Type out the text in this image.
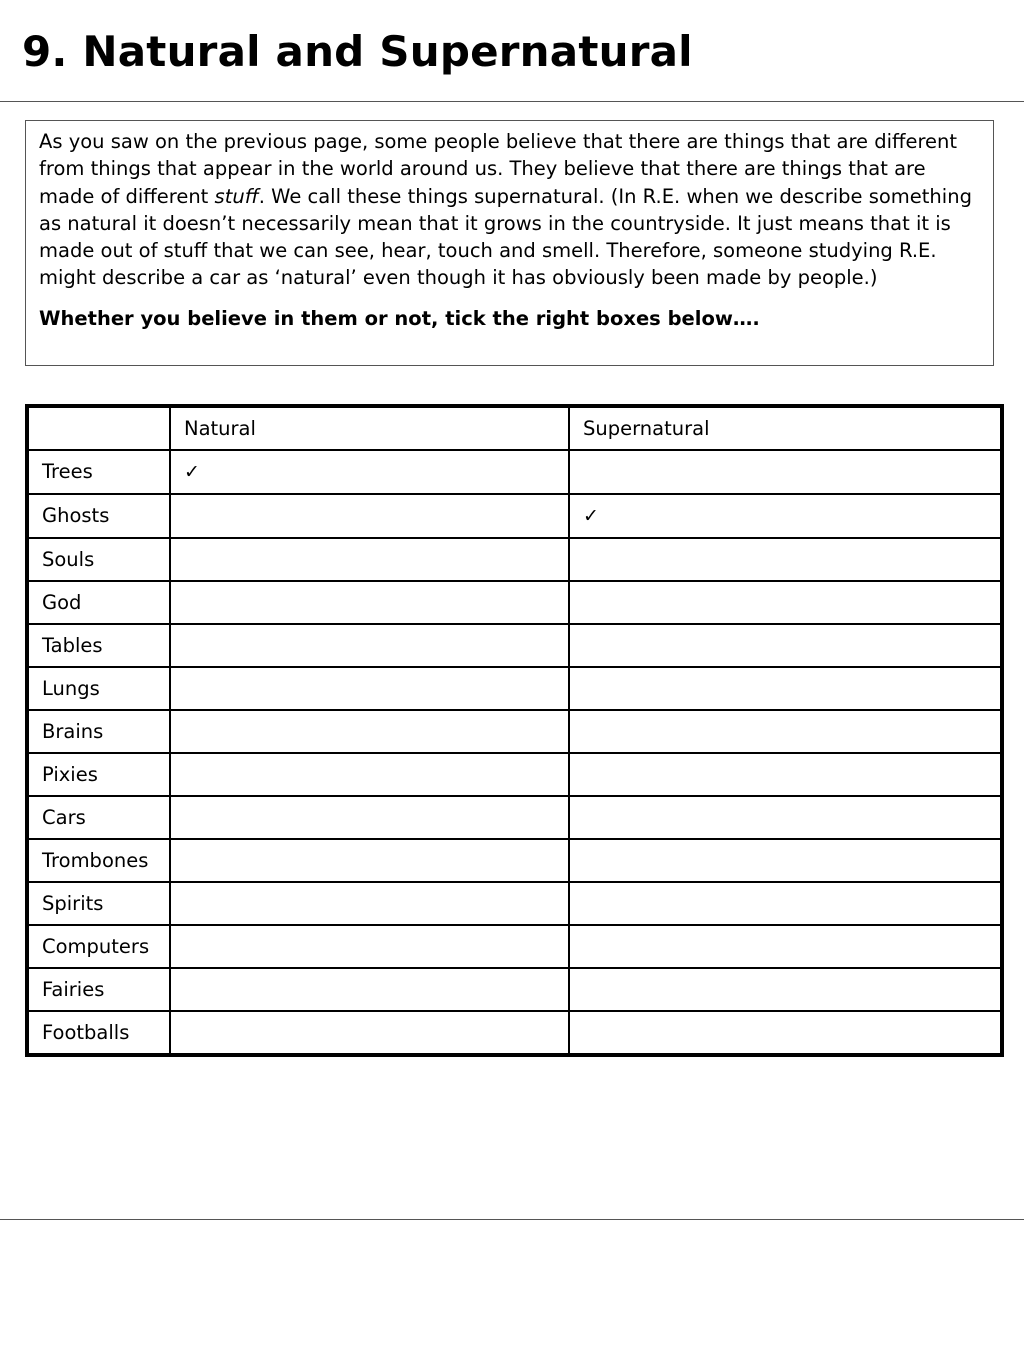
9. Natural and Supernatural

As you saw on the previous page, some people believe that there are things that are different from things that appear in the world around us. They believe that there are things that are made of different stuff. We call these things supernatural. (In R.E. when we describe something as natural it doesn’t necessarily mean that it grows in the countryside. It just means that it is made out of stuff that we can see, hear, touch and smell. Therefore, someone studying R.E. might describe a car as ‘natural’ even though it has obviously been made by people.)

Whether you believe in them or not, tick the right boxes below….

	Natural	Supernatural
Trees	✓	
Ghosts		✓
Souls		
God		
Tables		
Lungs		
Brains		
Pixies		
Cars		
Trombones		
Spirits		
Computers		
Fairies		
Footballs		
